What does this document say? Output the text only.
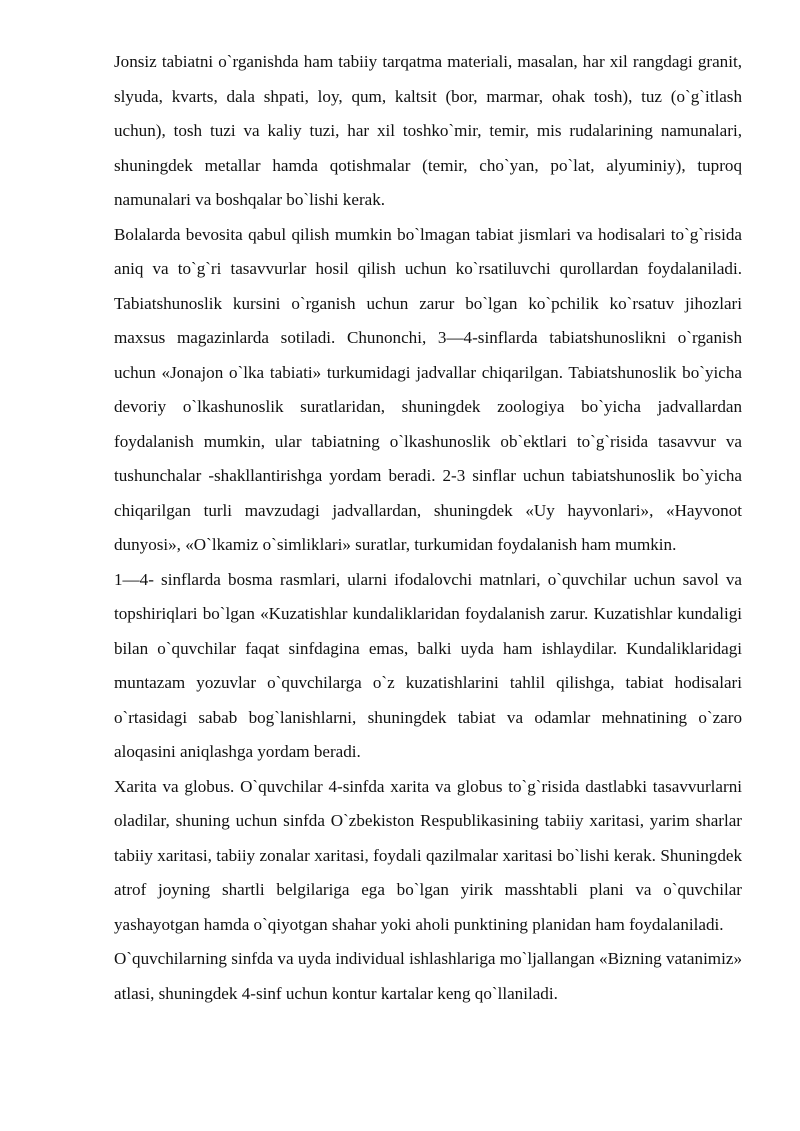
Jonsiz tabiatni o`rganishda ham tabiiy tarqatma materiali, masalan, har xil rangdagi granit, slyuda, kvarts, dala shpati, loy, qum, kaltsit (bor, marmar, ohak tosh), tuz (o`g`itlash uchun), tosh tuzi va kaliy tuzi, har xil toshko`mir, temir, mis rudalarining namunalari, shuningdek metallar hamda qotishmalar (temir, cho`yan, po`lat, alyuminiy), tuproq namunalari va boshqalar bo`lishi kerak.

Bolalarda bevosita qabul qilish mumkin bo`lmagan tabiat jismlari va hodisalari to`g`risida aniq va to`g`ri tasavvurlar hosil qilish uchun ko`rsatiluvchi qurollardan foydalaniladi. Tabiatshunoslik kursini o`rganish uchun zarur bo`lgan ko`pchilik ko`rsatuv jihozlari maxsus magazinlarda sotiladi. Chunonchi, 3—4-sinflarda tabiatshunoslikni o`rganish uchun «Jonajon o`lka tabiati» turkumidagi jadvallar chiqarilgan. Tabiatshunoslik bo`yicha devoriy o`lkashunoslik suratlaridan, shuningdek zoologiya bo`yicha jadvallardan foydalanish mumkin, ular tabiatning o`lkashunoslik ob`ektlari to`g`risida tasavvur va tushunchalar -shakllantirishga yordam beradi. 2-3 sinflar uchun tabiatshunoslik bo`yicha chiqarilgan turli mavzudagi jadvallardan, shuningdek «Uy hayvonlari», «Hayvonot dunyosi», «O`lkamiz o`simliklari» suratlar, turkumidan foydalanish ham mumkin.

1—4- sinflarda bosma rasmlari, ularni ifodalovchi matnlari, o`quvchilar uchun savol va topshiriqlari bo`lgan «Kuzatishlar kundaliklaridan foydalanish zarur. Kuzatishlar kundaligi bilan o`quvchilar faqat sinfdagina emas, balki uyda ham ishlaydilar. Kundaliklaridagi muntazam yozuvlar o`quvchilarga o`z kuzatishlarini tahlil qilishga, tabiat hodisalari o`rtasidagi sabab bog`lanishlarni, shuningdek tabiat va odamlar mehnatining o`zaro aloqasini aniqlashga yordam beradi.

Xarita va globus. O`quvchilar 4-sinfda xarita va globus to`g`risida dastlabki tasavvurlarni oladilar, shuning uchun sinfda O`zbekiston Respublikasining tabiiy xaritasi, yarim sharlar tabiiy xaritasi, tabiiy zonalar xaritasi, foydali qazilmalar xaritasi bo`lishi kerak. Shuningdek atrof joyning shartli belgilariga ega bo`lgan yirik masshtabli plani va o`quvchilar yashayotgan hamda o`qiyotgan shahar yoki aholi punktining planidan ham foydalaniladi.

O`quvchilarning sinfda va uyda individual ishlashlariga mo`ljallangan «Bizning vatanimiz» atlasi, shuningdek 4-sinf uchun kontur kartalar keng qo`llaniladi.
